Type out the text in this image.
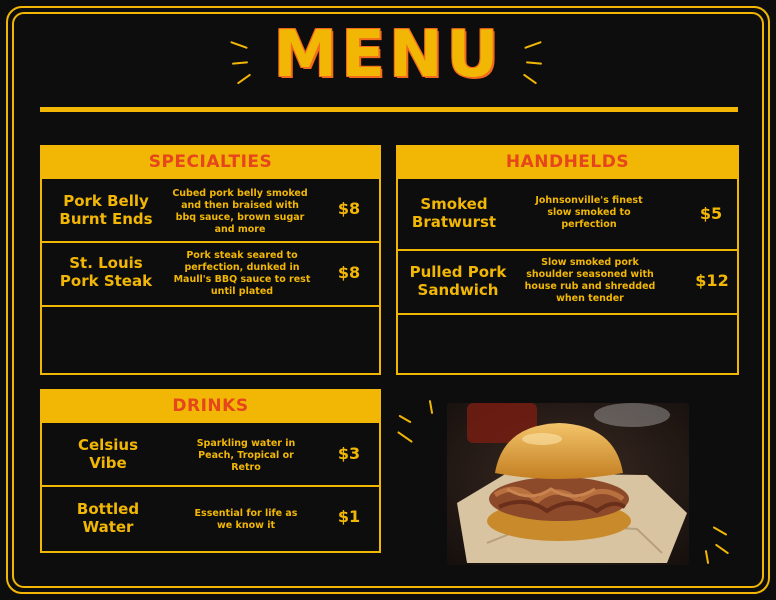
MENU
SPECIALTIES
Pork Belly Burnt Ends
Cubed pork belly smoked and then braised with bbq sauce, brown sugar and more
$8
St. Louis Pork Steak
Pork steak seared to perfection, dunked in Maull's BBQ sauce to rest until plated
$8
HANDHELDS
Smoked Bratwurst
Johnsonville's finest slow smoked to perfection
$5
Pulled Pork Sandwich
Slow smoked pork shoulder seasoned with house rub and shredded when tender
$12
DRINKS
Celsius Vibe
Sparkling water in Peach, Tropical or Retro
$3
Bottled Water
Essential for life as we know it	$1
